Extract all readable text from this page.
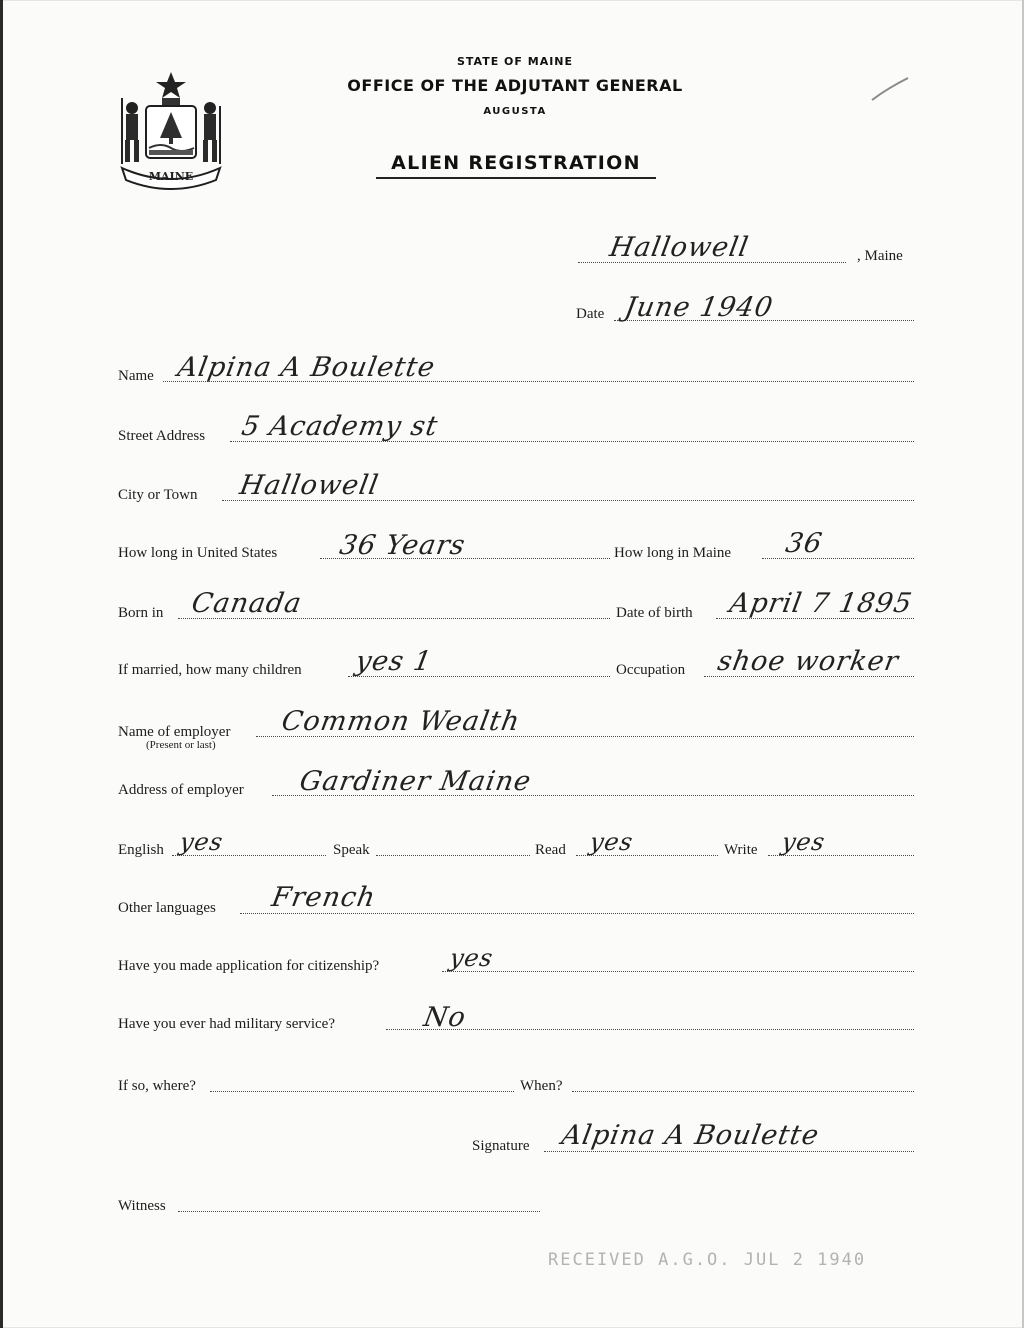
MAINE
STATE OF MAINE
OFFICE OF THE ADJUTANT GENERAL
AUGUSTA
ALIEN REGISTRATION
Hallowell	, Maine
Date June 1940
Name Alpina A Boulette
Street Address 5 Academy st
City or Town Hallowell
How long in United States 36 Years	How long in Maine 36
Born in Canada	Date of birth April 7 1895
If married, how many children yes 1	Occupation shoe worker
Name of employer
(Present or last)
Common Wealth
Address of employer Gardiner Maine
English yes	Speak	Read yes	Write yes
Other languages French
Have you made application for citizenship?	yes
Have you ever had military service?	No
If so, where?	When?
Signature Alpina A Boulette
Witness
RECEIVED A.G.O. JUL 2 1940
